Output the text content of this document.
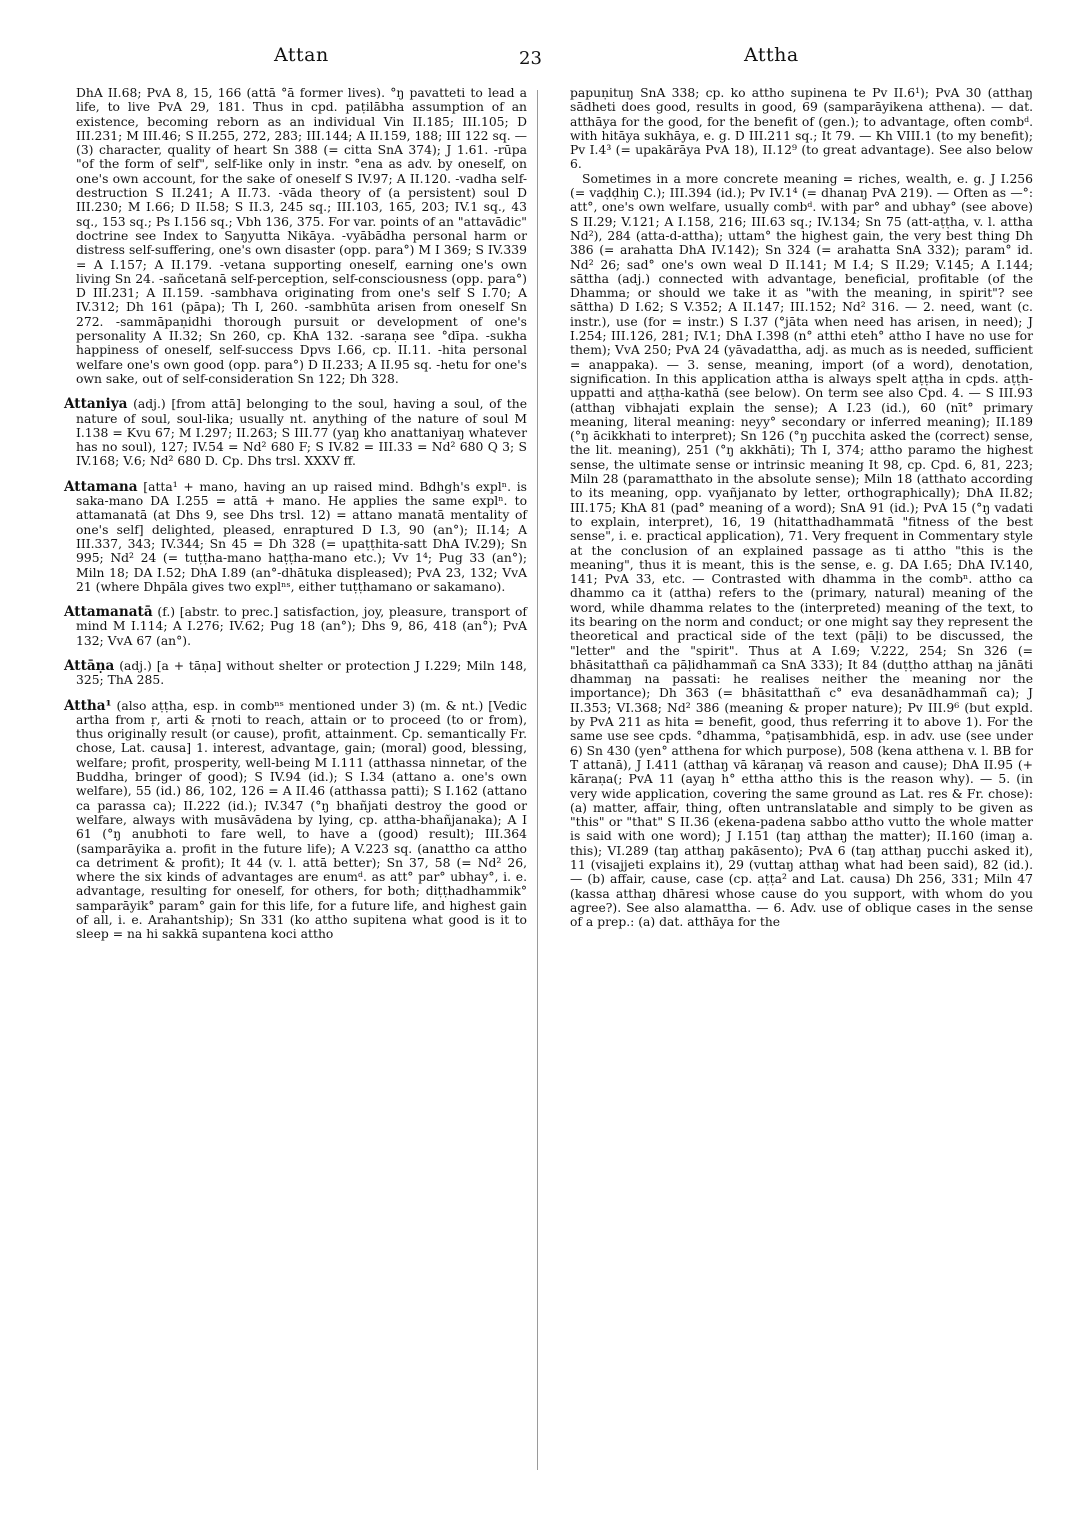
Attan	23	Attha

DhA II.68; PvA 8, 15, 166 (attā °ā former lives). °ŋ pavatteti to lead a life, to live PvA 29, 181. Thus in cpd. paṭilābha assumption of an existence, becoming reborn as an individual Vin II.185; III.105; D III.231; M III.46; S II.255, 272, 283; III.144; A II.159, 188; III 122 sq. — (3) character, quality of heart Sn 388 (= citta SnA 374); J 1.61. -rūpa "of the form of self", self-like only in instr. °ena as adv. by oneself, on one's own account, for the sake of oneself S IV.97; A II.120. -vadha self-destruction S II.241; A II.73. -vāda theory of (a persistent) soul D III.230; M I.66; D II.58; S II.3, 245 sq.; III.103, 165, 203; IV.1 sq., 43 sq., 153 sq.; Ps I.156 sq.; Vbh 136, 375. For var. points of an "attavādic" doctrine see Index to Saŋyutta Nikāya. -vyābādha personal harm or distress self-suffering, one's own disaster (opp. para°) M I 369; S IV.339 = A I.157; A II.179. -vetana supporting oneself, earning one's own living Sn 24. -sañcetanā self-perception, self-consciousness (opp. para°) D III.231; A II.159. -sambhava originating from one's self S I.70; A IV.312; Dh 161 (pāpa); Th I, 260. -sambhūta arisen from oneself Sn 272. -sammāpaṇidhi thorough pursuit or development of one's personality A II.32; Sn 260, cp. KhA 132. -saraṇa see °dīpa. -sukha happiness of oneself, self-success Dpvs I.66, cp. II.11. -hita personal welfare one's own good (opp. para°) D II.233; A II.95 sq. -hetu for one's own sake, out of self-consideration Sn 122; Dh 328.

Attaniya (adj.) [from attā] belonging to the soul, having a soul, of the nature of soul, soul-lika; usually nt. anything of the nature of soul M I.138 = Kvu 67; M I.297; II.263; S III.77 (yaŋ kho anattaniyaŋ whatever has no soul), 127; IV.54 = Nd² 680 F; S IV.82 = III.33 = Nd² 680 Q 3; S IV.168; V.6; Nd² 680 D. Cp. Dhs trsl. XXXV ff.

Attamana [atta¹ + mano, having an up raised mind. Bdhgh's explⁿ. is saka-mano DA I.255 = attā + mano. He applies the same explⁿ. to attamanatā (at Dhs 9, see Dhs trsl. 12) = attano manatā mentality of one's self] delighted, pleased, enraptured D I.3, 90 (an°); II.14; A III.337, 343; IV.344; Sn 45 = Dh 328 (= upaṭṭhita-satt DhA IV.29); Sn 995; Nd² 24 (= tuṭṭha-mano haṭṭha-mano etc.); Vv 1⁴; Pug 33 (an°); Miln 18; DA I.52; DhA I.89 (an°-dhātuka displeased); PvA 23, 132; VvA 21 (where Dhpāla gives two explⁿˢ, either tuṭṭhamano or sakamano).

Attamanatā (f.) [abstr. to prec.] satisfaction, joy, pleasure, transport of mind M I.114; A I.276; IV.62; Pug 18 (an°); Dhs 9, 86, 418 (an°); PvA 132; VvA 67 (an°).

Attāṇa (adj.) [a + tāṇa] without shelter or protection J I.229; Miln 148, 325; ThA 285.

Attha¹ (also aṭṭha, esp. in combⁿˢ mentioned under 3) (m. & nt.) [Vedic artha from ṛ, arti & ṛnoti to reach, attain or to proceed (to or from), thus originally result (or cause), profit, attainment. Cp. semantically Fr. chose, Lat. causa] 1. interest, advantage, gain; (moral) good, blessing, welfare; profit, prosperity, well-being M I.111 (atthassa ninnetar, of the Buddha, bringer of good); S IV.94 (id.); S I.34 (attano a. one's own welfare), 55 (id.) 86, 102, 126 = A II.46 (atthassa patti); S I.162 (attano ca parassa ca); II.222 (id.); IV.347 (°ŋ bhañjati destroy the good or welfare, always with musāvādena by lying, cp. attha-bhañjanaka); A I 61 (°ŋ anubhoti to fare well, to have a (good) result); III.364 (samparāyika a. profit in the future life); A V.223 sq. (anattho ca attho ca detriment & profit); It 44 (v. l. attā better); Sn 37, 58 (= Nd² 26, where the six kinds of advantages are enumᵈ. as att° par° ubhay°, i. e. advantage, resulting for oneself, for others, for both; diṭṭhadhammik° samparāyik° param° gain for this life, for a future life, and highest gain of all, i. e. Arahantship); Sn 331 (ko attho supitena what good is it to sleep = na hi sakkā supantena koci attho

papuṇituŋ SnA 338; cp. ko attho supinena te Pv II.6¹); PvA 30 (atthaŋ sādheti does good, results in good, 69 (samparāyikena atthena). — dat. atthāya for the good, for the benefit of (gen.); to advantage, often combᵈ. with hitāya sukhāya, e. g. D III.211 sq.; It 79. — Kh VIII.1 (to my benefit); Pv I.4³ (= upakārāya PvA 18), II.12⁹ (to great advantage). See also below 6.

Sometimes in a more concrete meaning = riches, wealth, e. g. J I.256 (= vaḍḍhiŋ C.); III.394 (id.); Pv IV.1⁴ (= dhanaŋ PvA 219). — Often as —°: att°, one's own welfare, usually combᵈ. with par° and ubhay° (see above) S II.29; V.121; A I.158, 216; III.63 sq.; IV.134; Sn 75 (att-aṭṭha, v. l. attha Nd²), 284 (atta-d-attha); uttam° the highest gain, the very best thing Dh 386 (= arahatta DhA IV.142); Sn 324 (= arahatta SnA 332); param° id. Nd² 26; sad° one's own weal D II.141; M I.4; S II.29; V.145; A I.144; sāttha (adj.) connected with advantage, beneficial, profitable (of the Dhamma; or should we take it as "with the meaning, in spirit"? see sāttha) D I.62; S V.352; A II.147; III.152; Nd² 316. — 2. need, want (c. instr.), use (for = instr.) S I.37 (°jāta when need has arisen, in need); J I.254; III.126, 281; IV.1; DhA I.398 (n° atthi eteh° attho I have no use for them); VvA 250; PvA 24 (yāvadattha, adj. as much as is needed, sufficient = anappaka). — 3. sense, meaning, import (of a word), denotation, signification. In this application attha is always spelt aṭṭha in cpds. aṭṭh-uppatti and aṭṭha-kathā (see below). On term see also Cpd. 4. — S III.93 (atthaŋ vibhajati explain the sense); A I.23 (id.), 60 (nīt° primary meaning, literal meaning: neyy° secondary or inferred meaning); II.189 (°ŋ ācikkhati to interpret); Sn 126 (°ŋ pucchita asked the (correct) sense, the lit. meaning), 251 (°ŋ akkhāti); Th I, 374; attho paramo the highest sense, the ultimate sense or intrinsic meaning It 98, cp. Cpd. 6, 81, 223; Miln 28 (paramatthato in the absolute sense); Miln 18 (atthato according to its meaning, opp. vyañjanato by letter, orthographically); DhA II.82; III.175; KhA 81 (pad° meaning of a word); SnA 91 (id.); PvA 15 (°ŋ vadati to explain, interpret), 16, 19 (hitatthadhammatā "fitness of the best sense", i. e. practical application), 71. Very frequent in Commentary style at the conclusion of an explained passage as ti attho "this is the meaning", thus it is meant, this is the sense, e. g. DA I.65; DhA IV.140, 141; PvA 33, etc. — Contrasted with dhamma in the combⁿ. attho ca dhammo ca it (attha) refers to the (primary, natural) meaning of the word, while dhamma relates to the (interpreted) meaning of the text, to its bearing on the norm and conduct; or one might say they represent the theoretical and practical side of the text (pāḷi) to be discussed, the "letter" and the "spirit". Thus at A I.69; V.222, 254; Sn 326 (= bhāsitatthañ ca pāḷidhammañ ca SnA 333); It 84 (duṭṭho atthaŋ na jānāti dhammaŋ na passati: he realises neither the meaning nor the importance); Dh 363 (= bhāsitatthañ c° eva desanādhammañ ca); J II.353; VI.368; Nd² 386 (meaning & proper nature); Pv III.9⁶ (but expld. by PvA 211 as hita = benefit, good, thus referring it to above 1). For the same use see cpds. °dhamma, °paṭisambhidā, esp. in adv. use (see under 6) Sn 430 (yen° atthena for which purpose), 508 (kena atthena v. l. BB for T attanā), J I.411 (atthaŋ vā kāraṇaŋ vā reason and cause); DhA II.95 (+ kāraṇa(; PvA 11 (ayaŋ h° ettha attho this is the reason why). — 5. (in very wide application, covering the same ground as Lat. res & Fr. chose): (a) matter, affair, thing, often untranslatable and simply to be given as "this" or "that" S II.36 (ekena-padena sabbo attho vutto the whole matter is said with one word); J I.151 (taŋ atthaŋ the matter); II.160 (imaŋ a. this); VI.289 (taŋ atthaŋ pakāsento); PvA 6 (taŋ atthaŋ pucchi asked it), 11 (visajjeti explains it), 29 (vuttaŋ atthaŋ what had been said), 82 (id.). — (b) affair, cause, case (cp. aṭṭa² and Lat. causa) Dh 256, 331; Miln 47 (kassa atthaŋ dhāresi whose cause do you support, with whom do you agree?). See also alamattha. — 6. Adv. use of oblique cases in the sense of a prep.: (a) dat. atthāya for the
